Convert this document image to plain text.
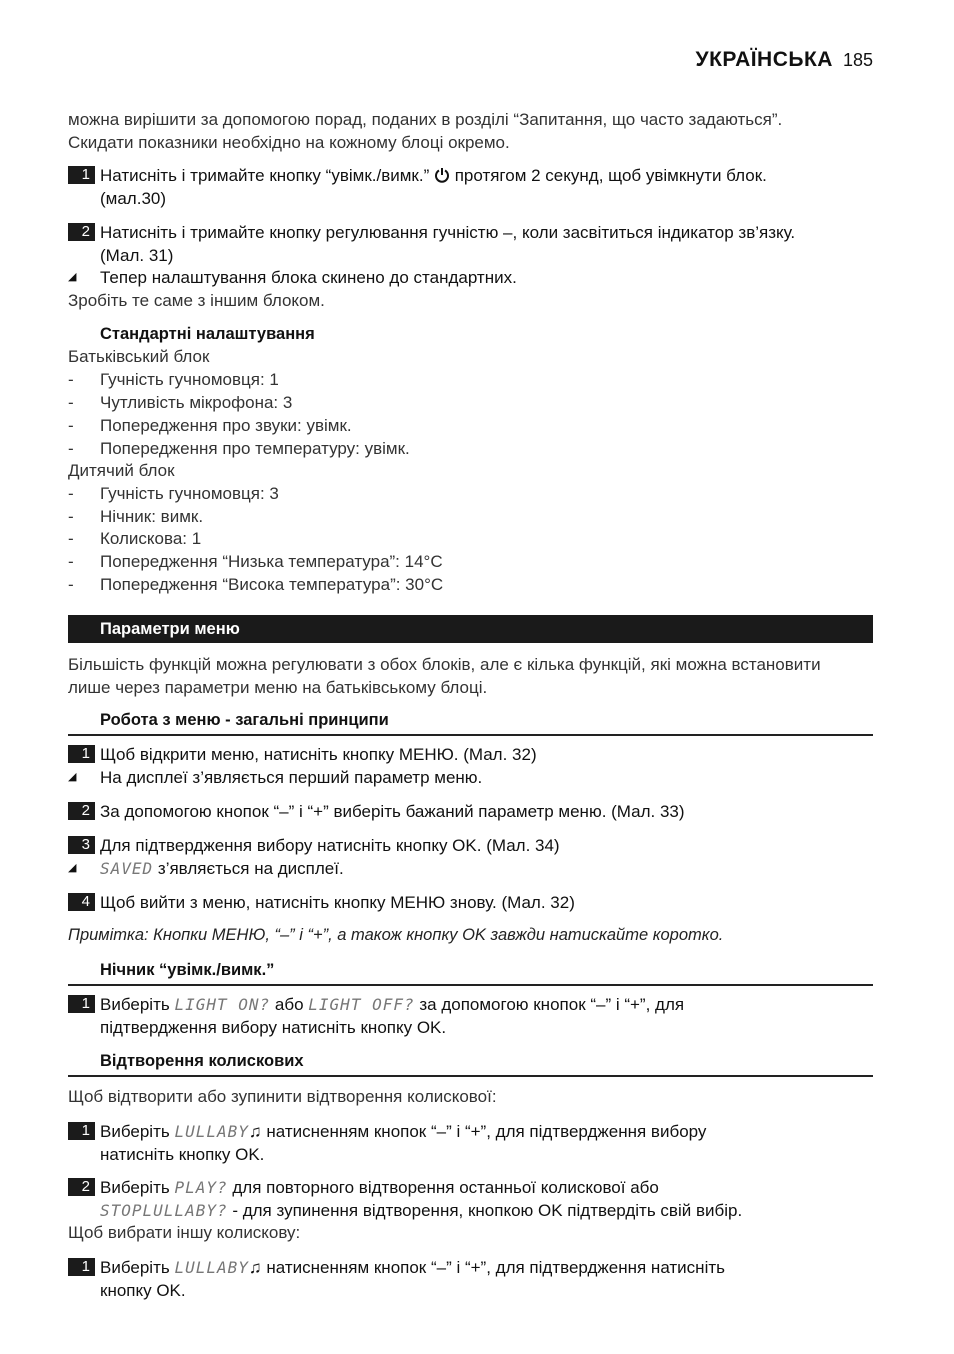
УКРАЇНСЬКА 185
можна вирішити за допомогою порад, поданих в розділі “Запитання, що часто задаються”.
Скидати показники необхідно на кожному блоці окремо.
1 Натисніть і тримайте кнопку “увімк./вимк.” протягом 2 секунд, щоб увімкнути блок.
(мал.30)
2 Натисніть і тримайте кнопку регулювання гучністю –, коли засвітиться індикатор зв’язку.
(Мал. 31)
◢ Тепер налаштування блока скинено до стандартних.
Зробіть те саме з іншим блоком.
Стандартні налаштування
Батьківський блок
- Гучність гучномовця: 1
- Чутливість мікрофона: 3
- Попередження про звуки: увімк.
- Попередження про температуру: увімк.
Дитячий блок
- Гучність гучномовця: 3
- Нічник: вимк.
- Колискова: 1
- Попередження “Низька температура”: 14°C
- Попередження “Висока температура”: 30°C
Параметри меню
Більшість функцій можна регулювати з обох блоків, але є кілька функцій, які можна встановити
лише через параметри меню на батьківському блоці.
Робота з меню - загальні принципи
1 Щоб відкрити меню, натисніть кнопку МЕНЮ. (Мал. 32)
◢ На дисплеї з’являється перший параметр меню.
2 За допомогою кнопок “–” і “+” виберіть бажаний параметр меню. (Мал. 33)
3 Для підтвердження вибору натисніть кнопку OK. (Мал. 34)
◢ SAVED з’являється на дисплеї.
4 Щоб вийти з меню, натисніть кнопку МЕНЮ знову. (Мал. 32)
Примітка: Кнопки МЕНЮ, “–” і “+”, а також кнопку OK завжди натискайте коротко.
Нічник “увімк./вимк.”
1 Виберіть LIGHT ON? або LIGHT OFF? за допомогою кнопок “–” і “+”, для
підтвердження вибору натисніть кнопку OK.
Відтворення колискових
Щоб відтворити або зупинити відтворення колискової:
1 Виберіть LULLABY♫ натисненням кнопок “–” і “+”, для підтвердження вибору
натисніть кнопку OK.
2 Виберіть PLAY? для повторного відтворення останньої колискової або
STOPLULLABY? - для зупинення відтворення, кнопкою OK підтвердіть свій вибір.
Щоб вибрати іншу колискову:
1 Виберіть LULLABY♫ натисненням кнопок “–” і “+”, для підтвердження натисніть
кнопку OK.
